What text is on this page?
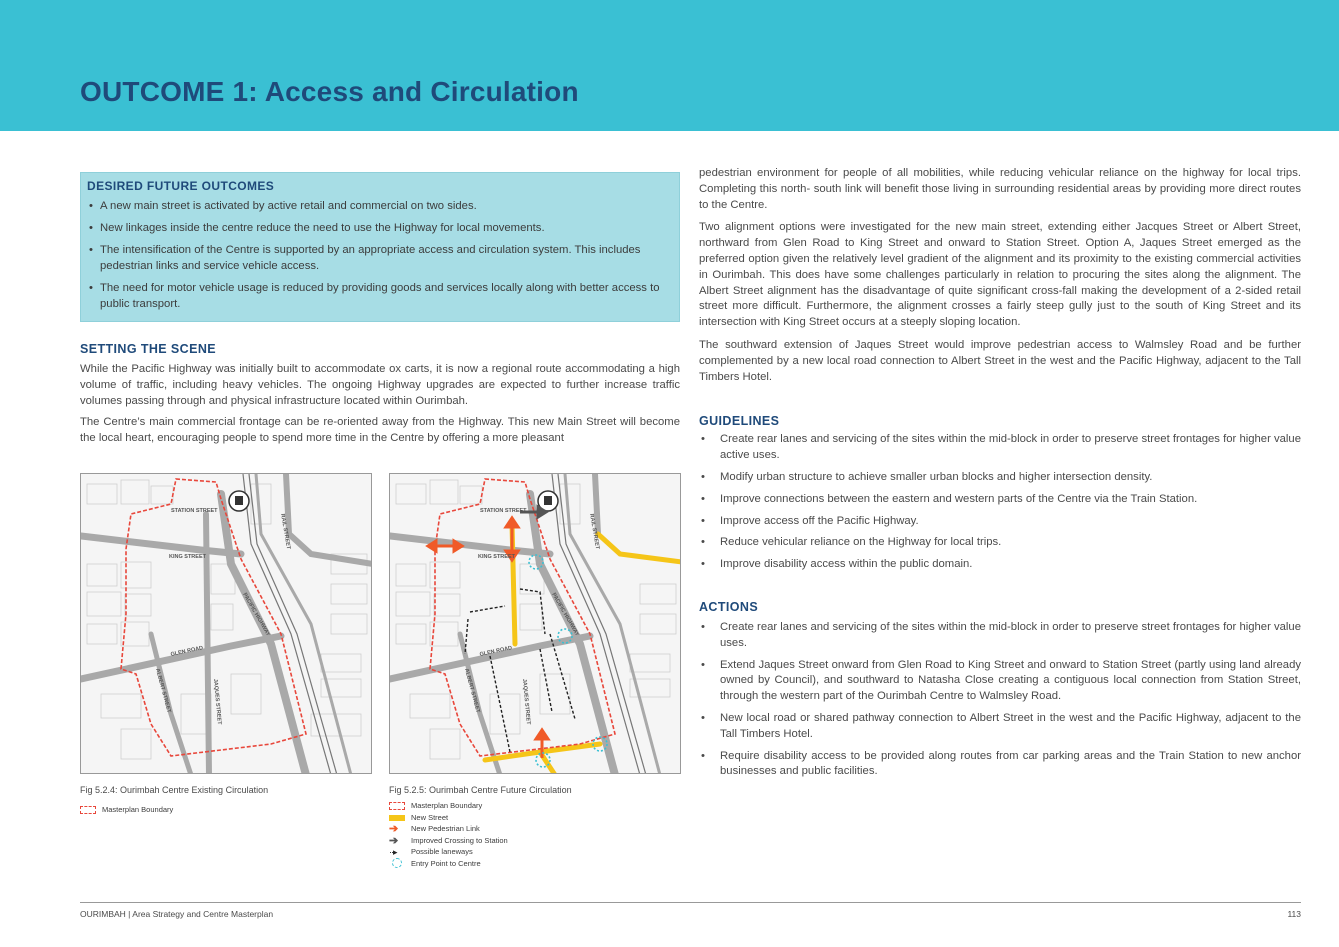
OUTCOME 1: Access and Circulation
DESIRED FUTURE OUTCOMES
• A new main street is activated by active retail and commercial on two sides.
• New linkages inside the centre reduce the need to use the Highway for local movements.
• The intensification of the Centre is supported by an appropriate access and circulation system. This includes pedestrian links and service vehicle access.
• The need for motor vehicle usage is reduced by providing goods and services locally along with better access to public transport.
SETTING THE SCENE

While the Pacific Highway was initially built to accommodate ox carts, it is now a regional route accommodating a high volume of traffic, including heavy vehicles. The ongoing Highway upgrades are expected to further increase traffic volumes passing through and physical infrastructure located within Ourimbah.

The Centre’s main commercial frontage can be re-oriented away from the Highway. This new Main Street will become the local heart, encouraging people to spend more time in the Centre by offering a more pleasant

pedestrian environment for people of all mobilities, while reducing vehicular reliance on the highway for local trips. Completing this north- south link will benefit those living in surrounding residential areas by providing more direct routes to the Centre.

Two alignment options were investigated for the new main street, extending either Jacques Street or Albert Street, northward from Glen Road to King Street and onward to Station Street. Option A, Jaques Street emerged as the preferred option given the relatively level gradient of the alignment and its proximity to the existing commercial activities in Ourimbah. This does have some challenges particularly in relation to procuring the sites along the alignment. The Albert Street alignment has the disadvantage of quite significant cross-fall making the development of a 2-sided retail street more difficult. Furthermore, the alignment crosses a fairly steep gully just to the south of King Street and its intersection with King Street occurs at a steeply sloping location.

The southward extension of Jaques Street would improve pedestrian access to Walmsley Road and be further complemented by a new local road connection to Albert Street in the west and the Pacific Highway, adjacent to the Tall Timbers Hotel.

GUIDELINES
• Create rear lanes and servicing of the sites within the mid-block in order to preserve street frontages for higher value active uses.
• Modify urban structure to achieve smaller urban blocks and higher intersection density.
• Improve connections between the eastern and western parts of the Centre via the Train Station.
• Improve access off the Pacific Highway.
• Reduce vehicular reliance on the Highway for local trips.
• Improve disability access within the public domain.
ACTIONS
• Create rear lanes and servicing of the sites within the mid-block in order to preserve street frontages for higher value uses.
• Extend Jaques Street onward from Glen Road to King Street and onward to Station Street (partly using land already owned by Council), and southward to Natasha Close creating a contiguous local connection from Station Street, through the western part of the Ourimbah Centre to Walmsley Road.
• New local road or shared pathway connection to Albert Street in the west and the Pacific Highway, adjacent to the Tall Timbers Hotel.
• Require disability access to be provided along routes from car parking areas and the Train Station to new anchor businesses and public facilities.
STATION STREET
KING STREET
RAIL STREET
PACIFIC HIGHWAY
GLEN ROAD
ALBERT STREET	JAQUES STREET
STATION STREET
KING STREET
RAIL STREET
PACIFIC HIGHWAY
GLEN ROAD
ALBERT STREET	JAQUES STREET
Fig 5.2.4: Ourimbah Centre Existing Circulation
Masterplan Boundary
Fig 5.2.5: Ourimbah Centre Future Circulation
Masterplan Boundary
New Street
➔	New Pedestrian Link
➔	Improved Crossing to Station
··▸	Possible laneways
Entry Point to Centre
OURIMBAH | Area Strategy and Centre Masterplan	113
